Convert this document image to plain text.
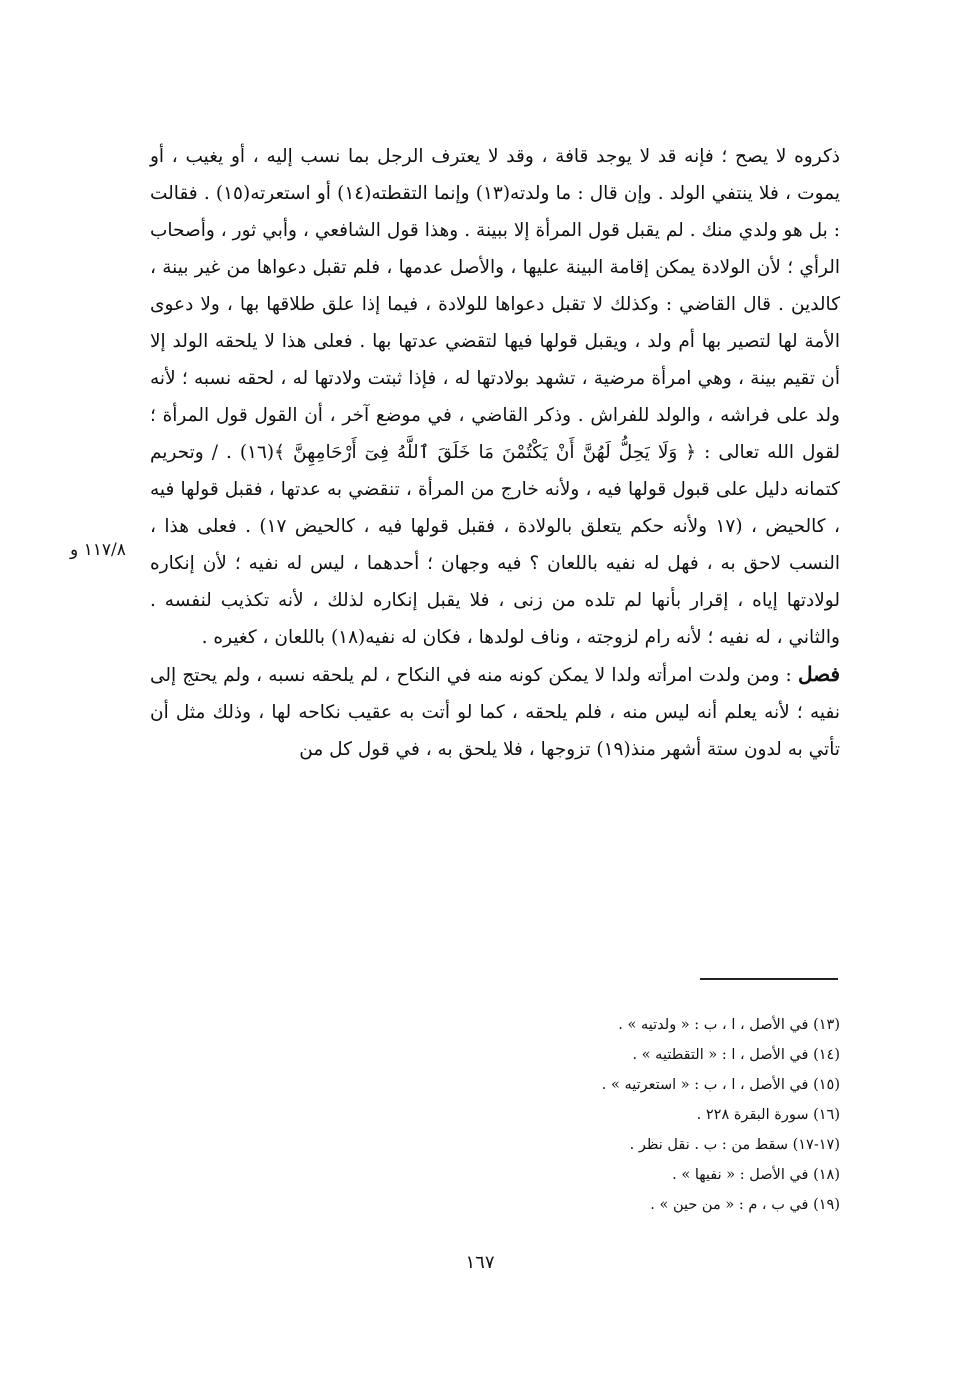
ذكروه لا يصح ؛ فإنه قد لا يوجد قافة ، وقد لا يعترف الرجل بما نسب إليه ، أو يغيب ، أو يموت ، فلا ينتفي الولد . وإن قال : ما ولدته(١٣) وإنما التقطته(١٤) أو استعرته(١٥) . فقالت : بل هو ولدي منك . لم يقبل قول المرأة إلا ببينة . وهذا قول الشافعي ، وأبي ثور ، وأصحاب الرأي ؛ لأن الولادة يمكن إقامة البينة عليها ، والأصل عدمها ، فلم تقبل دعواها من غير بينة ، كالدين . قال القاضي : وكذلك لا تقبل دعواها للولادة ، فيما إذا علق طلاقها بها ، ولا دعوى الأمة لها لتصير بها أم ولد ، ويقبل قولها فيها لتقضي عدتها بها . فعلى هذا لا يلحقه الولد إلا أن تقيم بينة ، وهي امرأة مرضية ، تشهد بولادتها له ، فإذا ثبتت ولادتها له ، لحقه نسبه ؛ لأنه ولد على فراشه ، والولد للفراش . وذكر القاضي ، في موضع آخر ، أن القول قول المرأة ؛ لقول الله تعالى : ﴿ وَلَا يَحِلُّ لَهُنَّ أَنْ يَكْتُمْنَ مَا خَلَقَ ٱللَّهُ فِىٓ أَرْحَامِهِنَّ ﴾(١٦) . / وتحريم كتمانه دليل على قبول قولها فيه ، ولأنه خارج من المرأة ، تنقضي به عدتها ، فقبل قولها فيه ، كالحيض ، (١٧ ولأنه حكم يتعلق بالولادة ، فقبل قولها فيه ، كالحيض ١٧) . فعلى هذا ، النسب لاحق به ، فهل له نفيه باللعان ؟ فيه وجهان ؛ أحدهما ، ليس له نفيه ؛ لأن إنكاره لولادتها إياه ، إقرار بأنها لم تلده من زنى ، فلا يقبل إنكاره لذلك ، لأنه تكذيب لنفسه . والثاني ، له نفيه ؛ لأنه رام لزوجته ، وناف لولدها ، فكان له نفيه(١٨) باللعان ، كغيره .

فصل : ومن ولدت امرأته ولدا لا يمكن كونه منه في النكاح ، لم يلحقه نسبه ، ولم يحتج إلى نفيه ؛ لأنه يعلم أنه ليس منه ، فلم يلحقه ، كما لو أتت به عقيب نكاحه لها ، وذلك مثل أن تأتي به لدون ستة أشهر منذ(١٩) تزوجها ، فلا يلحق به ، في قول كل من

١١٧/٨ و
(١٣) في الأصل ، ا ، ب : « ولدتيه » .
(١٤) في الأصل ، ا : « التقطتيه » .
(١٥) في الأصل ، ا ، ب : « استعرتيه » .
(١٦) سورة البقرة ٢٢٨ .
(١٧-١٧) سقط من : ب . نقل نظر .
(١٨) في الأصل : « نفيها » .
(١٩) في ب ، م : « من حين » .
١٦٧
